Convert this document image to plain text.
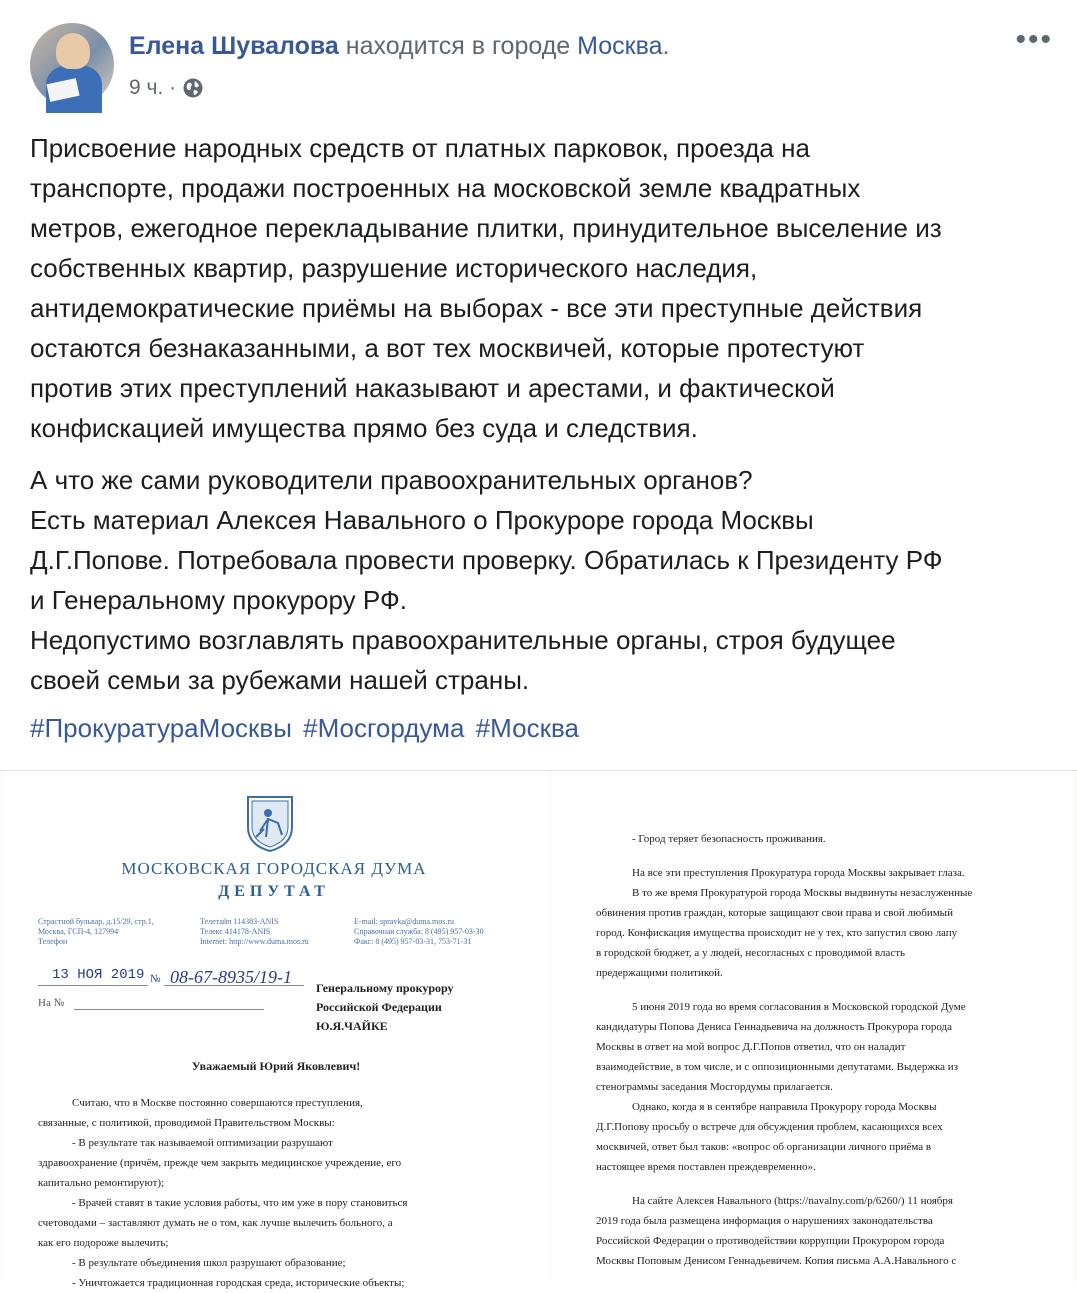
Елена Шувалова находится в городе Москва.
9 ч. ·
•••

Присвоение народных средств от платных парковок, проезда на
транспорте, продажи построенных на московской земле квадратных
метров, ежегодное перекладывание плитки, принудительное выселение из
собственных квартир, разрушение исторического наследия,
антидемократические приёмы на выборах - все эти преступные действия
остаются безнаказанными, а вот тех москвичей, которые протестуют
против этих преступлений наказывают и арестами, и фактической
конфискацией имущества прямо без суда и следствия.

А что же сами руководители правоохранительных органов?
Есть материал Алексея Навального о Прокуроре города Москвы
Д.Г.Попове. Потребовала провести проверку. Обратилась к Президенту РФ
и Генеральному прокурору РФ.
Недопустимо возглавлять правоохранительные органы, строя будущее
своей семьи за рубежами нашей страны.

#ПрокуратураМосквы #Мосгордума #Москва
МОСКОВСКАЯ ГОРОДСКАЯ ДУМА
ДЕПУТАТ
Страстной бульвар, д.15/29, стр.1,
Москва, ГСП-4, 127994
Телефон
Телетайп 114383-ANIS
Телекс 414178-ANIS
Internet: http://www.duma.mos.ru
E-mail: spravka@duma.mos.ru
Справочная служба: 8 (495) 957-03-30
Факс: 8 (495) 957-03-31, 753-71-31
13 НОЯ 2019 № 08-67-8935/19-1
На №
Генеральному прокурору
Российской Федерации
Ю.Я.ЧАЙКЕ
Уважаемый Юрий Яковлевич!
Считаю, что в Москве постоянно совершаются преступления,
связанные, с политикой, проводимой Правительством Москвы:
- В результате так называемой оптимизации разрушают
здравоохранение (причём, прежде чем закрыть медицинское учреждение, его
капитально ремонтируют);
- Врачей ставят в такие условия работы, что им уже в пору становиться
счетоводами – заставляют думать не о том, как лучше вылечить больного, а
как его подороже вылечить;
- В результате объединения школ разрушают образование;
- Уничтожается традиционная городская среда, исторические объекты;
- Город теряет безопасность проживания.
На все эти преступления Прокуратура города Москвы закрывает глаза.
В то же время Прокуратурой города Москвы выдвинуты незаслуженные
обвинения против граждан, которые защищают свои права и свой любимый
город. Конфискация имущества происходит не у тех, кто запустил свою лапу
в городской бюджет, а у людей, несогласных с проводимой власть
предержащими политикой.
5 июня 2019 года во время согласования в Московской городской Думе
кандидатуры Попова Дениса Геннадьевича на должность Прокурора города
Москвы в ответ на мой вопрос Д.Г.Попов ответил, что он наладит
взаимодействие, в том числе, и с оппозиционными депутатами. Выдержка из
стенограммы заседания Мосгордумы прилагается.
Однако, когда я в сентябре направила Прокурору города Москвы
Д.Г.Попову просьбу о встрече для обсуждения проблем, касающихся всех
москвичей, ответ был таков: «вопрос об организации личного приёма в
настоящее время поставлен преждевременно».
На сайте Алексея Навального (https://navalny.com/p/6260/) 11 ноября
2019 года была размещена информация о нарушениях законодательства
Российской Федерации о противодействии коррупции Прокурором города
Москвы Поповым Денисом Геннадьевичем. Копия письма А.А.Навального с
